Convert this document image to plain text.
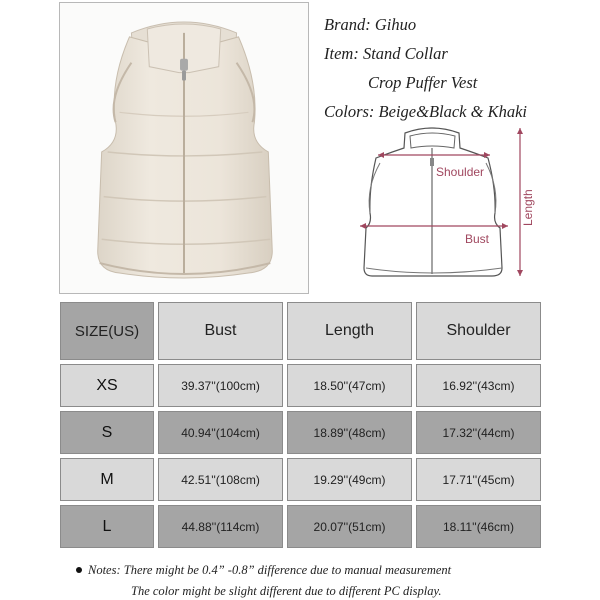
Brand: Gihuo
Item: Stand Collar
Crop Puffer Vest
Colors: Beige&Black & Khaki
Shoulder
Bust
Length
SIZE(US)	Bust	Length	Shoulder
XS	39.37''(100cm)	18.50''(47cm)	16.92''(43cm)
S	40.94''(104cm)	18.89''(48cm)	17.32''(44cm)
M	42.51''(108cm)	19.29''(49cm)	17.71''(45cm)
L	44.88''(114cm)	20.07''(51cm)	18.11''(46cm)
Notes: There might be 0.4” -0.8” difference due to manual measurement
The color might be slight different due to different PC display.
